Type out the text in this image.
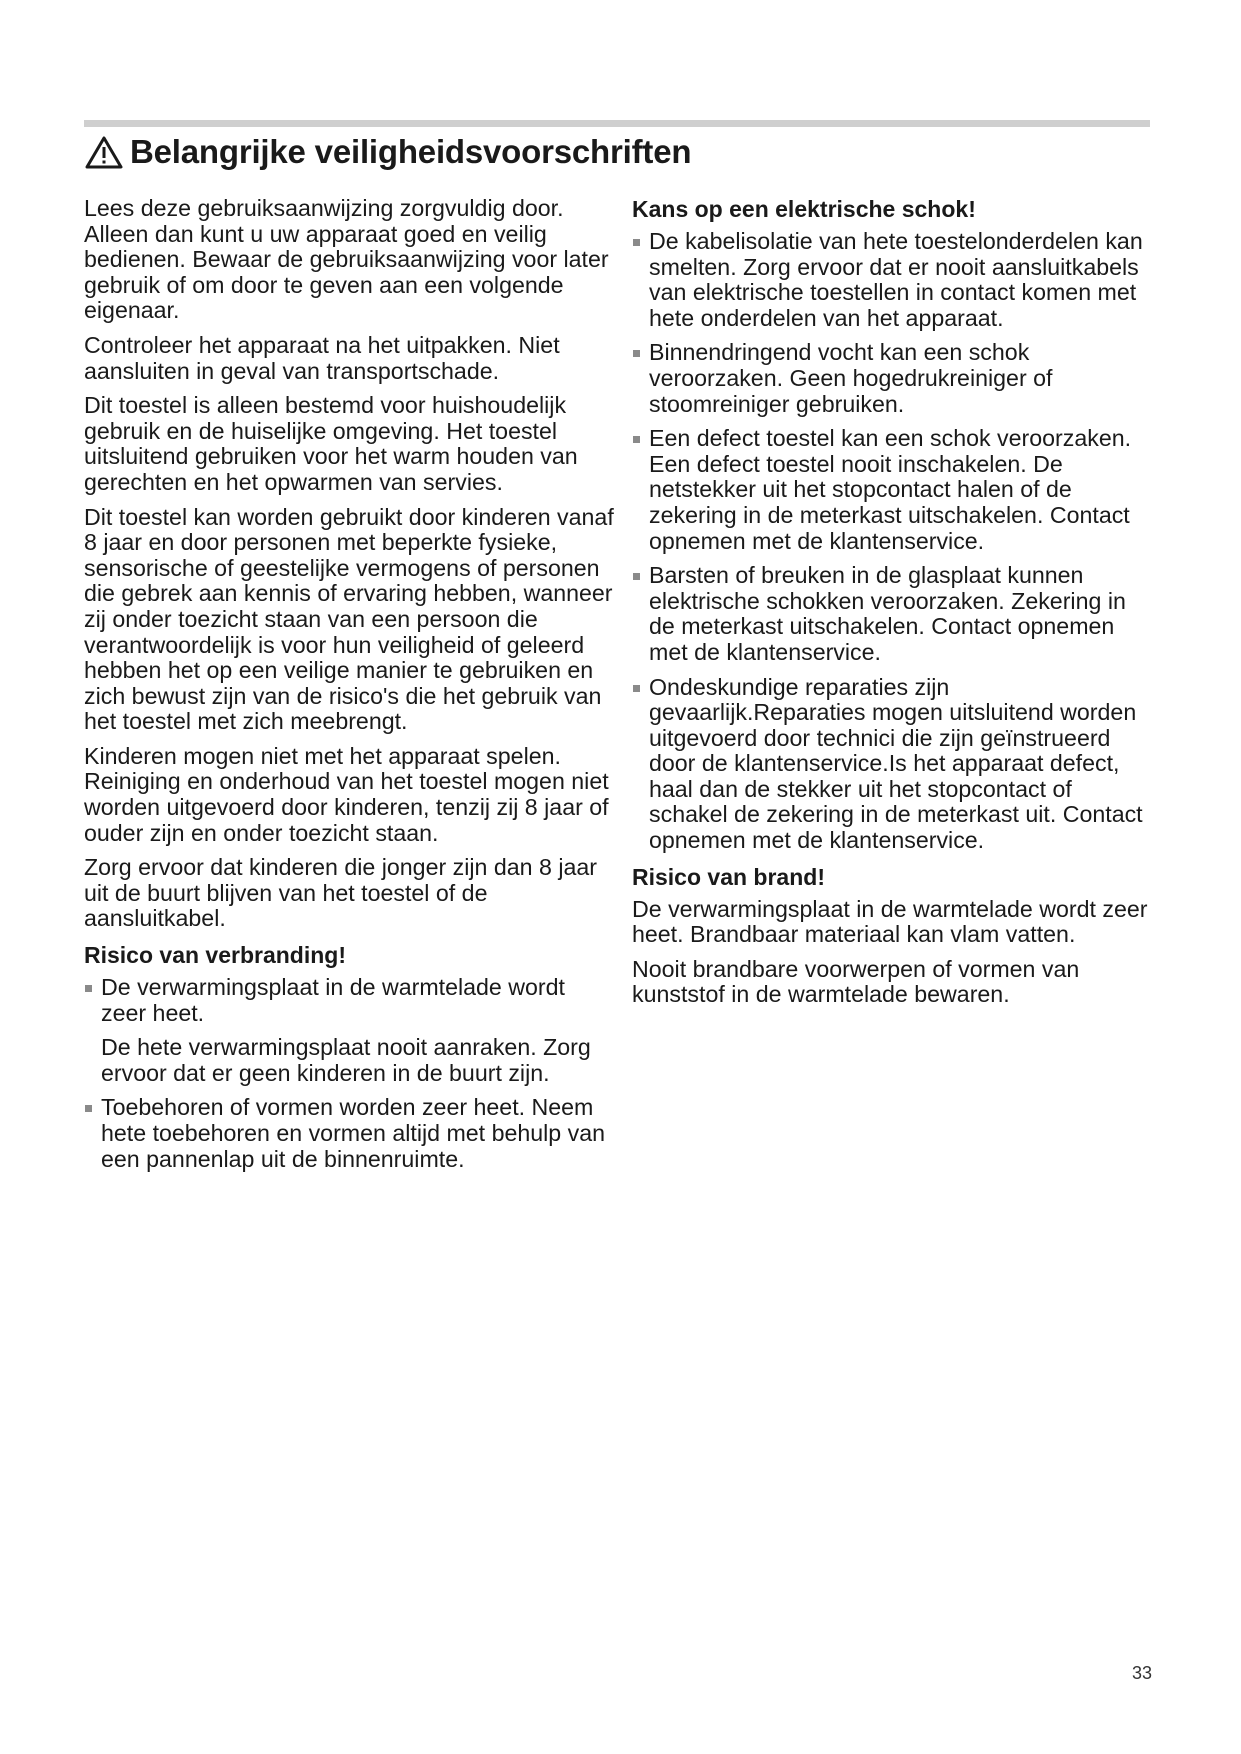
Belangrijke veiligheidsvoorschriften

Lees deze gebruiksaanwijzing zorgvuldig door. Alleen dan kunt u uw apparaat goed en veilig bedienen. Bewaar de gebruiksaanwijzing voor later gebruik of om door te geven aan een volgende eigenaar.

Controleer het apparaat na het uitpakken. Niet aansluiten in geval van transportschade.

Dit toestel is alleen bestemd voor huishoudelijk gebruik en de huiselijke omgeving. Het toestel uitsluitend gebruiken voor het warm houden van gerechten en het opwarmen van servies.

Dit toestel kan worden gebruikt door kinderen vanaf 8 jaar en door personen met beperkte fysieke, sensorische of geestelijke vermogens of personen die gebrek aan kennis of ervaring hebben, wanneer zij onder toezicht staan van een persoon die verantwoordelijk is voor hun veiligheid of geleerd hebben het op een veilige manier te gebruiken en zich bewust zijn van de risico's die het gebruik van het toestel met zich meebrengt.

Kinderen mogen niet met het apparaat spelen. Reiniging en onderhoud van het toestel mogen niet worden uitgevoerd door kinderen, tenzij zij 8 jaar of ouder zijn en onder toezicht staan.

Zorg ervoor dat kinderen die jonger zijn dan 8 jaar uit de buurt blijven van het toestel of de aansluitkabel.

Risico van verbranding!
De verwarmingsplaat in de warmtelade wordt zeer heet.
De hete verwarmingsplaat nooit aanraken. Zorg ervoor dat er geen kinderen in de buurt zijn.
Toebehoren of vormen worden zeer heet. Neem hete toebehoren en vormen altijd met behulp van een pannenlap uit de binnenruimte.
Kans op een elektrische schok!
De kabelisolatie van hete toestelonderdelen kan smelten. Zorg ervoor dat er nooit aansluitkabels van elektrische toestellen in contact komen met hete onderdelen van het apparaat.
Binnendringend vocht kan een schok veroorzaken. Geen hogedrukreiniger of stoomreiniger gebruiken.
Een defect toestel kan een schok veroorzaken. Een defect toestel nooit inschakelen. De netstekker uit het stopcontact halen of de zekering in de meterkast uitschakelen. Contact opnemen met de klantenservice.
Barsten of breuken in de glasplaat kunnen elektrische schokken veroorzaken. Zekering in de meterkast uitschakelen. Contact opnemen met de klantenservice.
Ondeskundige reparaties zijn gevaarlijk.Reparaties mogen uitsluitend worden uitgevoerd door technici die zijn geïnstrueerd door de klantenservice.Is het apparaat defect, haal dan de stekker uit het stopcontact of schakel de zekering in de meterkast uit. Contact opnemen met de klantenservice.
Risico van brand!

De verwarmingsplaat in de warmtelade wordt zeer heet. Brandbaar materiaal kan vlam vatten.

Nooit brandbare voorwerpen of vormen van kunststof in de warmtelade bewaren.

33
